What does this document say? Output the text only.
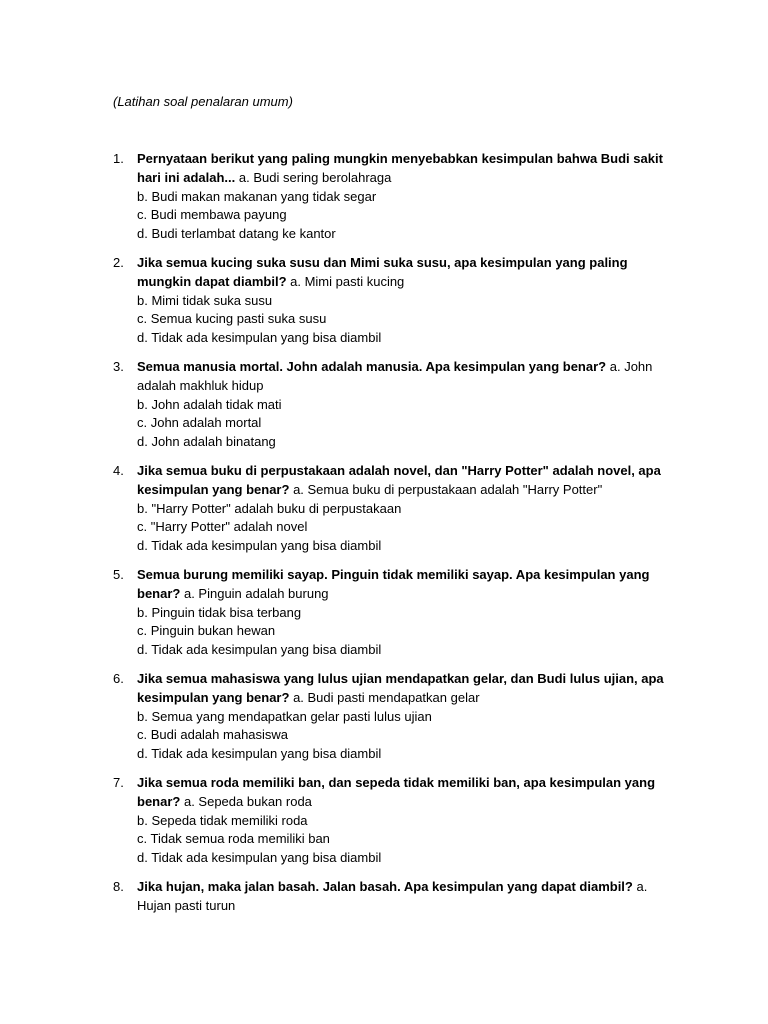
(Latihan soal penalaran umum)

1.	Pernyataan berikut yang paling mungkin menyebabkan kesimpulan bahwa Budi sakit hari ini adalah... a. Budi sering berolahraga
b. Budi makan makanan yang tidak segar
c. Budi membawa payung
d. Budi terlambat datang ke kantor
2.	Jika semua kucing suka susu dan Mimi suka susu, apa kesimpulan yang paling mungkin dapat diambil? a. Mimi pasti kucing
b. Mimi tidak suka susu
c. Semua kucing pasti suka susu
d. Tidak ada kesimpulan yang bisa diambil
3.	Semua manusia mortal. John adalah manusia. Apa kesimpulan yang benar? a. John adalah makhluk hidup
b. John adalah tidak mati
c. John adalah mortal
d. John adalah binatang
4.	Jika semua buku di perpustakaan adalah novel, dan "Harry Potter" adalah novel, apa kesimpulan yang benar? a. Semua buku di perpustakaan adalah "Harry Potter"
b. "Harry Potter" adalah buku di perpustakaan
c. "Harry Potter" adalah novel
d. Tidak ada kesimpulan yang bisa diambil
5.	Semua burung memiliki sayap. Pinguin tidak memiliki sayap. Apa kesimpulan yang benar? a. Pinguin adalah burung
b. Pinguin tidak bisa terbang
c. Pinguin bukan hewan
d. Tidak ada kesimpulan yang bisa diambil
6.	Jika semua mahasiswa yang lulus ujian mendapatkan gelar, dan Budi lulus ujian, apa kesimpulan yang benar? a. Budi pasti mendapatkan gelar
b. Semua yang mendapatkan gelar pasti lulus ujian
c. Budi adalah mahasiswa
d. Tidak ada kesimpulan yang bisa diambil
7.	Jika semua roda memiliki ban, dan sepeda tidak memiliki ban, apa kesimpulan yang benar? a. Sepeda bukan roda
b. Sepeda tidak memiliki roda
c. Tidak semua roda memiliki ban
d. Tidak ada kesimpulan yang bisa diambil
8.	Jika hujan, maka jalan basah. Jalan basah. Apa kesimpulan yang dapat diambil? a. Hujan pasti turun
